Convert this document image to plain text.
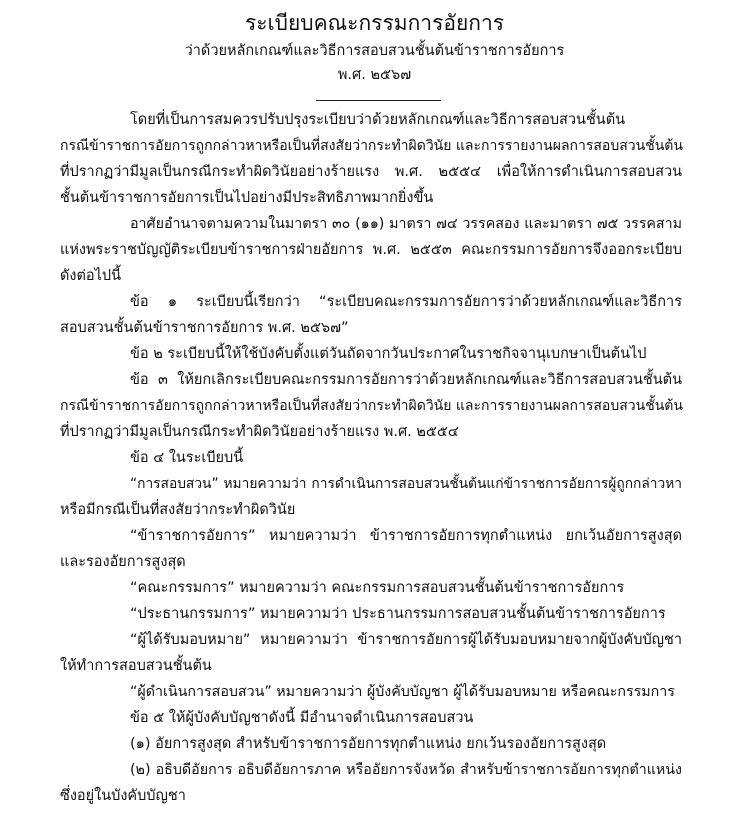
ระเบียบคณะกรรมการอัยการ
ว่าด้วยหลักเกณฑ์และวิธีการสอบสวนชั้นต้นข้าราชการอัยการ
พ.ศ. ๒๕๖๗
โดยที่เป็นการสมควรปรับปรุงระเบียบว่าด้วยหลักเกณฑ์และวิธีการสอบสวนชั้นต้น
กรณีข้าราชการอัยการถูกกล่าวหาหรือเป็นที่สงสัยว่ากระทำผิดวินัย และการรายงานผลการสอบสวนชั้นต้น
ที่ปรากฏว่ามีมูลเป็นกรณีกระทำผิดวินัยอย่างร้ายแรง พ.ศ. ๒๕๕๔ เพื่อให้การดำเนินการสอบสวน
ชั้นต้นข้าราชการอัยการเป็นไปอย่างมีประสิทธิภาพมากยิ่งขึ้น
อาศัยอำนาจตามความในมาตรา ๓๐ (๑๑) มาตรา ๗๔ วรรคสอง และมาตรา ๗๕ วรรคสาม
แห่งพระราชบัญญัติระเบียบข้าราชการฝ่ายอัยการ พ.ศ. ๒๕๕๓ คณะกรรมการอัยการจึงออกระเบียบ
ดังต่อไปนี้
ข้อ ๑ ระเบียบนี้เรียกว่า “ระเบียบคณะกรรมการอัยการว่าด้วยหลักเกณฑ์และวิธีการ
สอบสวนชั้นต้นข้าราชการอัยการ พ.ศ. ๒๕๖๗”
ข้อ ๒ ระเบียบนี้ให้ใช้บังคับตั้งแต่วันถัดจากวันประกาศในราชกิจจานุเบกษาเป็นต้นไป
ข้อ ๓ ให้ยกเลิกระเบียบคณะกรรมการอัยการว่าด้วยหลักเกณฑ์และวิธีการสอบสวนชั้นต้น
กรณีข้าราชการอัยการถูกกล่าวหาหรือเป็นที่สงสัยว่ากระทำผิดวินัย และการรายงานผลการสอบสวนชั้นต้น
ที่ปรากฏว่ามีมูลเป็นกรณีกระทำผิดวินัยอย่างร้ายแรง พ.ศ. ๒๕๕๔
ข้อ ๔ ในระเบียบนี้
“การสอบสวน” หมายความว่า การดำเนินการสอบสวนชั้นต้นแก่ข้าราชการอัยการผู้ถูกกล่าวหา
หรือมีกรณีเป็นที่สงสัยว่ากระทำผิดวินัย
“ข้าราชการอัยการ” หมายความว่า ข้าราชการอัยการทุกตำแหน่ง ยกเว้นอัยการสูงสุด
และรองอัยการสูงสุด
“คณะกรรมการ” หมายความว่า คณะกรรมการสอบสวนชั้นต้นข้าราชการอัยการ
“ประธานกรรมการ” หมายความว่า ประธานกรรมการสอบสวนชั้นต้นข้าราชการอัยการ
“ผู้ได้รับมอบหมาย” หมายความว่า ข้าราชการอัยการผู้ได้รับมอบหมายจากผู้บังคับบัญชา
ให้ทำการสอบสวนชั้นต้น
“ผู้ดำเนินการสอบสวน” หมายความว่า ผู้บังคับบัญชา ผู้ได้รับมอบหมาย หรือคณะกรรมการ
ข้อ ๕ ให้ผู้บังคับบัญชาดังนี้ มีอำนาจดำเนินการสอบสวน
(๑) อัยการสูงสุด สำหรับข้าราชการอัยการทุกตำแหน่ง ยกเว้นรองอัยการสูงสุด
(๒) อธิบดีอัยการ อธิบดีอัยการภาค หรืออัยการจังหวัด สำหรับข้าราชการอัยการทุกตำแหน่ง
ซึ่งอยู่ในบังคับบัญชา
